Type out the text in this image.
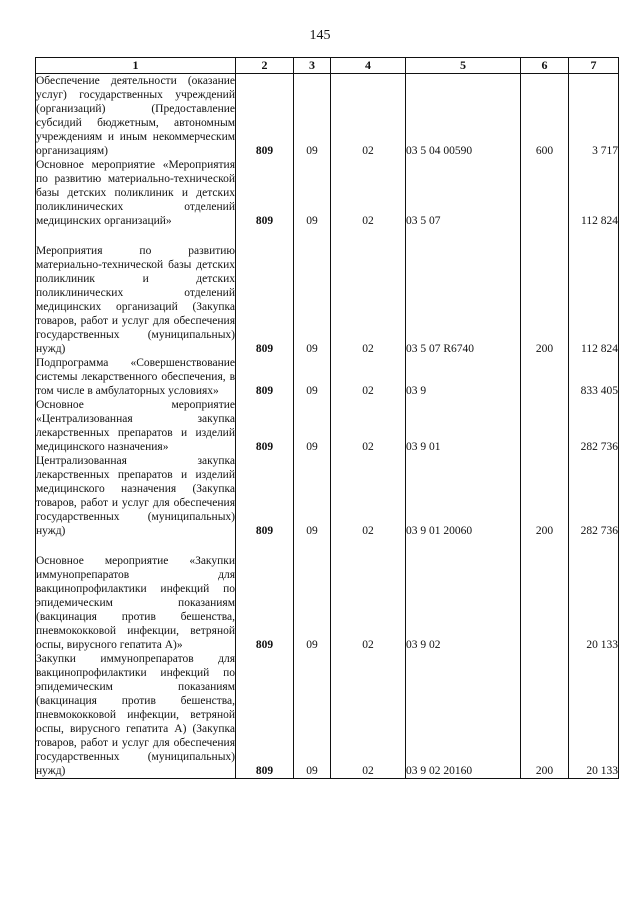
145
1	2	3	4	5	6	7
Обеспечение деятельности (оказание услуг) государственных учреждений (организаций) (Предоставление субсидий бюджетным, автономным учреждениям и иным некоммерческим организациям)	809	09	02	03 5 04 00590	600	3 717
Основное мероприятие «Мероприятия по развитию материально-технической базы детских поликлиник и детских поликлинических отделений медицинских организаций»	809	09	02	03 5 07		112 824
Мероприятия по развитию материально-технической базы детских поликлиник и детских поликлинических отделений медицинских организаций (Закупка товаров, работ и услуг для обеспечения государственных (муниципальных) нужд)	809	09	02	03 5 07 R6740	200	112 824
Подпрограмма «Совершенствование системы лекарственного обеспечения, в том числе в амбулаторных условиях»	809	09	02	03 9		833 405
Основное мероприятие «Централизованная закупка лекарственных препаратов и изделий медицинского назначения»	809	09	02	03 9 01		282 736
Централизованная закупка лекарственных препаратов и изделий медицинского назначения (Закупка товаров, работ и услуг для обеспечения государственных (муниципальных) нужд)	809	09	02	03 9 01 20060	200	282 736
Основное мероприятие «Закупки иммунопрепаратов для вакцинопрофилактики инфекций по эпидемическим показаниям (вакцинация против бешенства, пневмококковой инфекции, ветряной оспы, вирусного гепатита А)»	809	09	02	03 9 02		20 133
Закупки иммунопрепаратов для вакцинопрофилактики инфекций по эпидемическим показаниям (вакцинация против бешенства, пневмококковой инфекции, ветряной оспы, вирусного гепатита А) (Закупка товаров, работ и услуг для обеспечения государственных (муниципальных) нужд)	809	09	02	03 9 02 20160	200	20 133
